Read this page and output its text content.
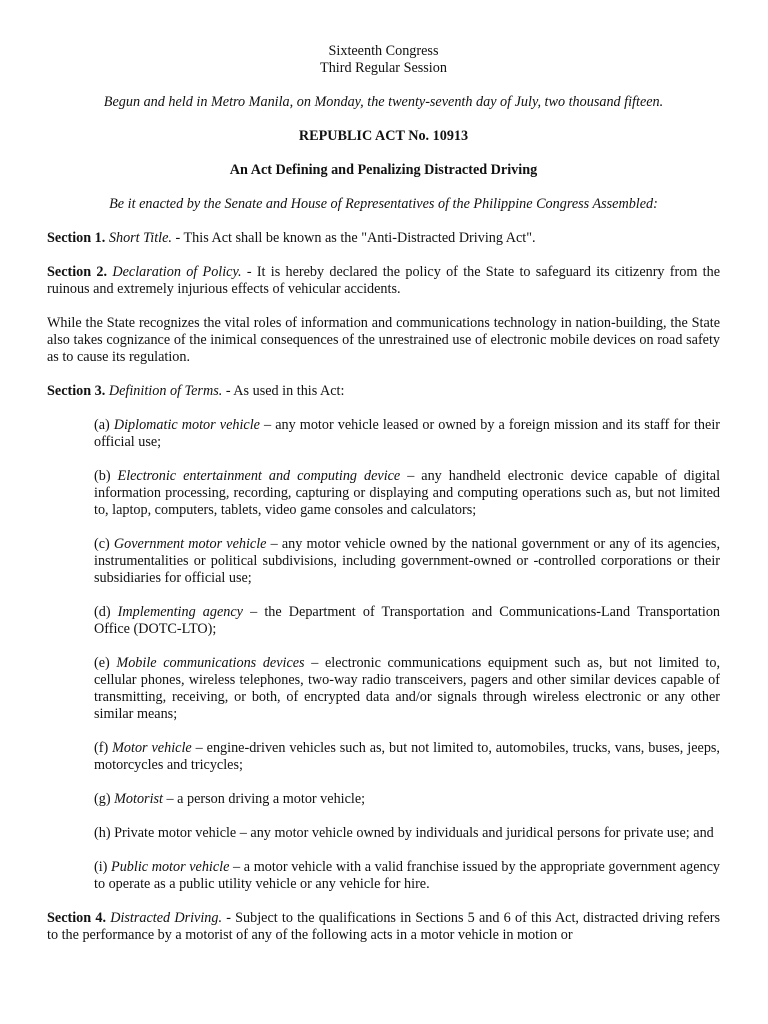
Sixteenth Congress

Third Regular Session

Begun and held in Metro Manila, on Monday, the twenty-seventh day of July, two thousand fifteen.

REPUBLIC ACT No. 10913

An Act Defining and Penalizing Distracted Driving

Be it enacted by the Senate and House of Representatives of the Philippine Congress Assembled:

Section 1. Short Title. - This Act shall be known as the "Anti-Distracted Driving Act".

Section 2. Declaration of Policy. - It is hereby declared the policy of the State to safeguard its citizenry from the ruinous and extremely injurious effects of vehicular accidents.

While the State recognizes the vital roles of information and communications technology in nation-building, the State also takes cognizance of the inimical consequences of the unrestrained use of electronic mobile devices on road safety as to cause its regulation.

Section 3. Definition of Terms. - As used in this Act:

(a) Diplomatic motor vehicle – any motor vehicle leased or owned by a foreign mission and its staff for their official use;

(b) Electronic entertainment and computing device – any handheld electronic device capable of digital information processing, recording, capturing or displaying and computing operations such as, but not limited to, laptop, computers, tablets, video game consoles and calculators;

(c) Government motor vehicle – any motor vehicle owned by the national government or any of its agencies, instrumentalities or political subdivisions, including government-owned or -controlled corporations or their subsidiaries for official use;

(d) Implementing agency – the Department of Transportation and Communications-Land Transportation Office (DOTC-LTO);

(e) Mobile communications devices – electronic communications equipment such as, but not limited to, cellular phones, wireless telephones, two-way radio transceivers, pagers and other similar devices capable of transmitting, receiving, or both, of encrypted data and/or signals through wireless electronic or any other similar means;

(f) Motor vehicle – engine-driven vehicles such as, but not limited to, automobiles, trucks, vans, buses, jeeps, motorcycles and tricycles;

(g) Motorist – a person driving a motor vehicle;

(h) Private motor vehicle – any motor vehicle owned by individuals and juridical persons for private use; and

(i) Public motor vehicle – a motor vehicle with a valid franchise issued by the appropriate government agency to operate as a public utility vehicle or any vehicle for hire.

Section 4. Distracted Driving. - Subject to the qualifications in Sections 5 and 6 of this Act, distracted driving refers to the performance by a motorist of any of the following acts in a motor vehicle in motion or
